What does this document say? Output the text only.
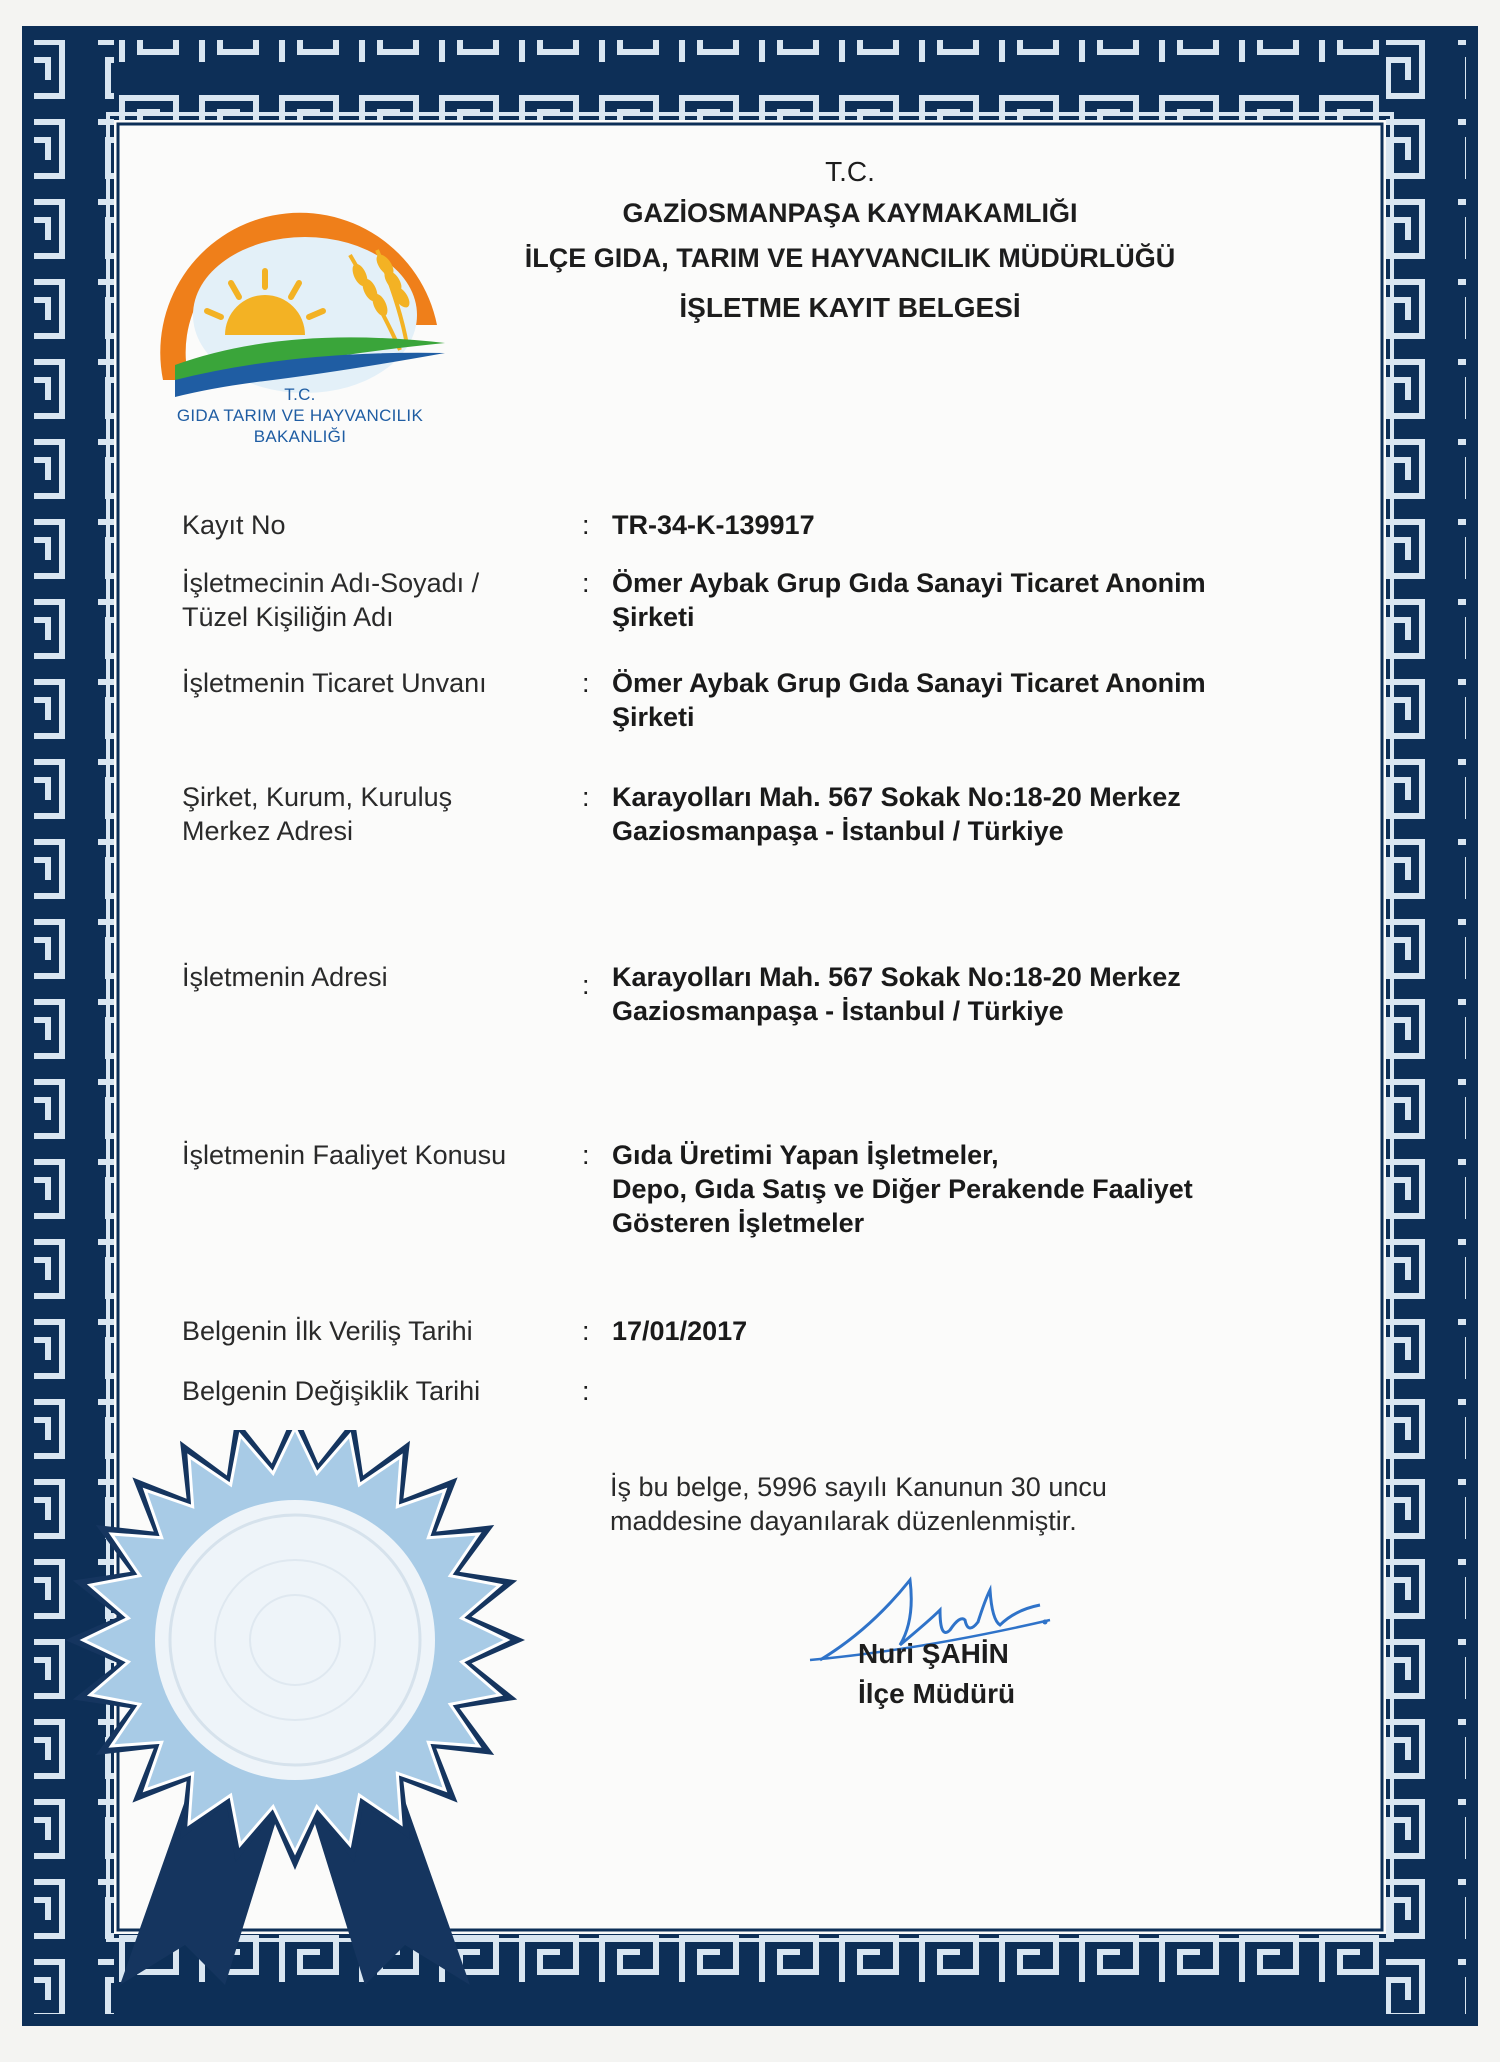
T.C.
GIDA TARIM VE HAYVANCILIK
BAKANLIĞI
T.C.
GAZİOSMANPAŞA KAYMAKAMLIĞI
İLÇE GIDA, TARIM VE HAYVANCILIK MÜDÜRLÜĞÜ
İŞLETME KAYIT BELGESİ
Kayıt No	: TR-34-K-139917
İşletmecinin Adı-Soyadı /
Tüzel Kişiliğin Adı
: Ömer Aybak Grup Gıda Sanayi Ticaret Anonim
Şirketi
İşletmenin Ticaret Unvanı	: Ömer Aybak Grup Gıda Sanayi Ticaret Anonim
Şirketi
Şirket, Kurum, Kuruluş
Merkez Adresi
: Karayolları Mah. 567 Sokak No:18-20 Merkez
Gaziosmanpaşa - İstanbul / Türkiye
İşletmenin Adresi	: Karayolları Mah. 567 Sokak No:18-20 Merkez
Gaziosmanpaşa - İstanbul / Türkiye
İşletmenin Faaliyet Konusu	: Gıda Üretimi Yapan İşletmeler,
Depo, Gıda Satış ve Diğer Perakende Faaliyet
Gösteren İşletmeler
Belgenin İlk Veriliş Tarihi	: 17/01/2017
Belgenin Değişiklik Tarihi	:
İş bu belge, 5996 sayılı Kanunun 30 uncu
maddesine dayanılarak düzenlenmiştir.
Nuri ŞAHİN
İlçe Müdürü
